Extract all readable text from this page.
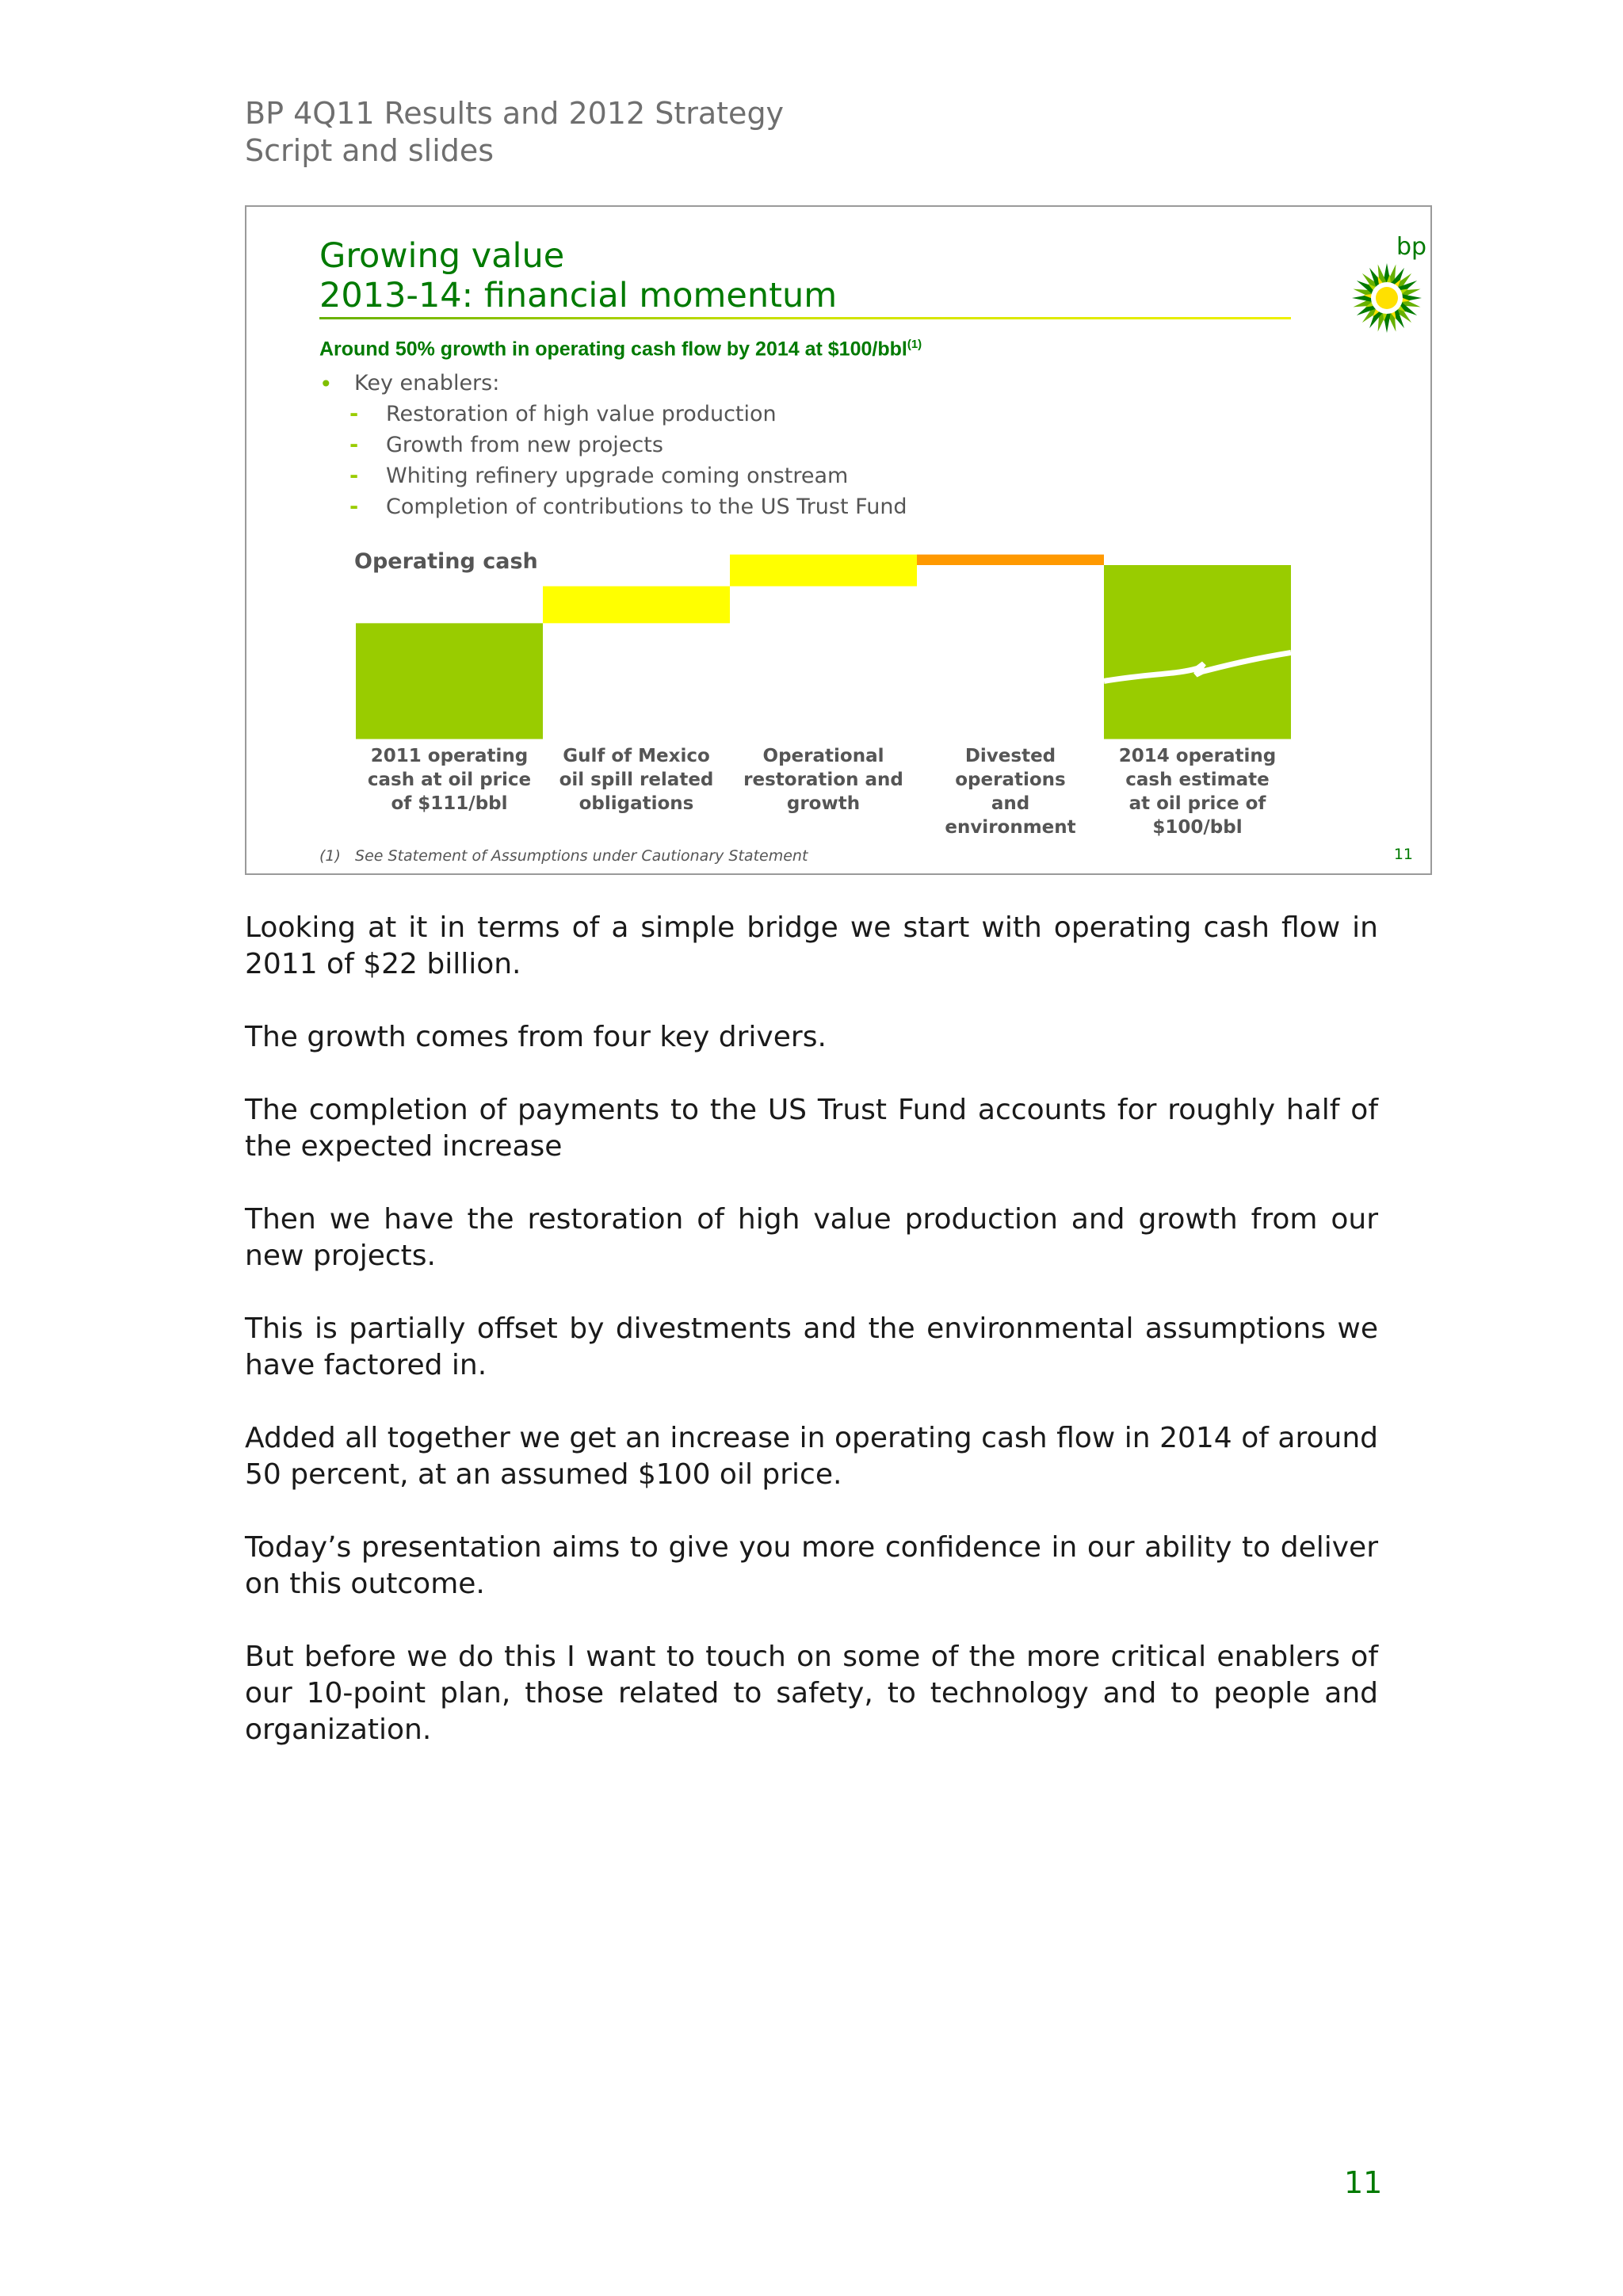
BP 4Q11 Results and 2012 Strategy
Script and slides
Growing value
2013-14: financial momentum
bp
Around 50% growth in operating cash flow by 2014 at $100/bbl$^{(1)}$
• Key enablers:
- Restoration of high value production
- Growth from new projects
- Whiting refinery upgrade coming onstream
- Completion of contributions to the US Trust Fund
Operating cash
2011 operating
cash at oil price
of $111/bbl
Gulf of Mexico
oil spill related
obligations
Operational
restoration and
growth
Divested
operations
and
environment
2014 operating
cash estimate
at oil price of
$100/bbl
(1) See Statement of Assumptions under Cautionary Statement	11

Looking at it in terms of a simple bridge we start with operating cash flow in 2011 of $22 billion.

The growth comes from four key drivers.

The completion of payments to the US Trust Fund accounts for roughly half of the expected increase

Then we have the restoration of high value production and growth from our new projects.

This is partially offset by divestments and the environmental assumptions we have factored in.

Added all together we get an increase in operating cash flow in 2014 of around 50 percent, at an assumed $100 oil price.

Today’s presentation aims to give you more confidence in our ability to deliver on this outcome.

But before we do this I want to touch on some of the more critical enablers of our 10-point plan, those related to safety, to technology and to people and organization.

11
